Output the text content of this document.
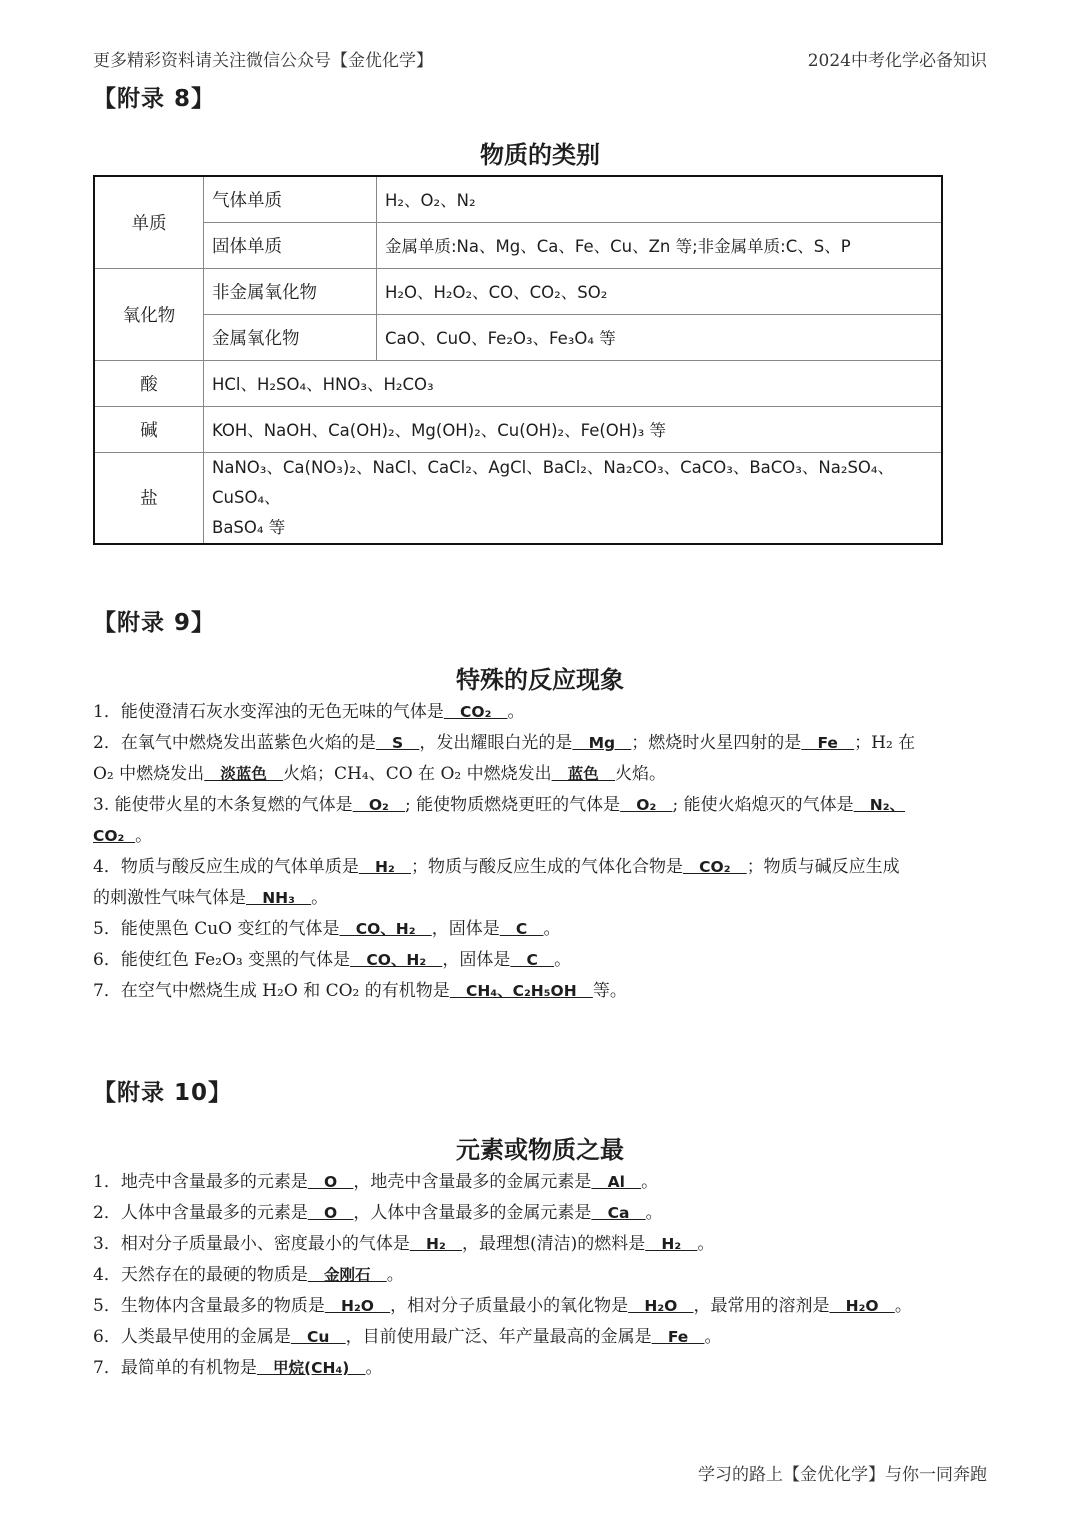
更多精彩资料请关注微信公众号【金优化学】	2024中考化学必备知识
【附录 8】
物质的类别
单质	气体单质	H₂、O₂、N₂
	固体单质	金属单质:Na、Mg、Ca、Fe、Cu、Zn 等;非金属单质:C、S、P
氧化物	非金属氧化物	H₂O、H₂O₂、CO、CO₂、SO₂
	金属氧化物	CaO、CuO、Fe₂O₃、Fe₃O₄ 等
酸	HCl、H₂SO₄、HNO₃、H₂CO₃	
碱	KOH、NaOH、Ca(OH)₂、Mg(OH)₂、Cu(OH)₂、Fe(OH)₃ 等	
盐	NaNO₃、Ca(NO₃)₂、NaCl、CaCl₂、AgCl、BaCl₂、Na₂CO₃、CaCO₃、BaCO₃、Na₂SO₄、CuSO₄、
BaSO₄ 等	
【附录 9】
特殊的反应现象

1．能使澄清石灰水变浑浊的无色无味的气体是   CO₂   。

2．在氧气中燃烧发出蓝紫色火焰的是   S   ，发出耀眼白光的是   Mg   ；燃烧时火星四射的是   Fe   ；H₂ 在
O₂ 中燃烧发出   淡蓝色   火焰；CH₄、CO 在 O₂ 中燃烧发出   蓝色   火焰。

3. 能使带火星的木条复燃的气体是   O₂   ; 能使物质燃烧更旺的气体是   O₂   ; 能使火焰熄灭的气体是   N₂、
CO₂  。

4．物质与酸反应生成的气体单质是   H₂   ；物质与酸反应生成的气体化合物是   CO₂   ；物质与碱反应生成
的刺激性气味气体是   NH₃   。

5．能使黑色 CuO 变红的气体是   CO、H₂   ，固体是   C   。

6．能使红色 Fe₂O₃ 变黑的气体是   CO、H₂   ，固体是   C   。

7．在空气中燃烧生成 H₂O 和 CO₂ 的有机物是   CH₄、C₂H₅OH   等。

【附录 10】
元素或物质之最

1．地壳中含量最多的元素是   O   ，地壳中含量最多的金属元素是   Al   。

2．人体中含量最多的元素是   O   ，人体中含量最多的金属元素是   Ca   。

3．相对分子质量最小、密度最小的气体是   H₂   ，最理想(清洁)的燃料是   H₂   。

4．天然存在的最硬的物质是   金刚石   。

5．生物体内含量最多的物质是   H₂O   ，相对分子质量最小的氧化物是   H₂O   ，最常用的溶剂是   H₂O   。

6．人类最早使用的金属是   Cu   ，目前使用最广泛、年产量最高的金属是   Fe   。

7．最简单的有机物是   甲烷(CH₄)   。

学习的路上【金优化学】与你一同奔跑
